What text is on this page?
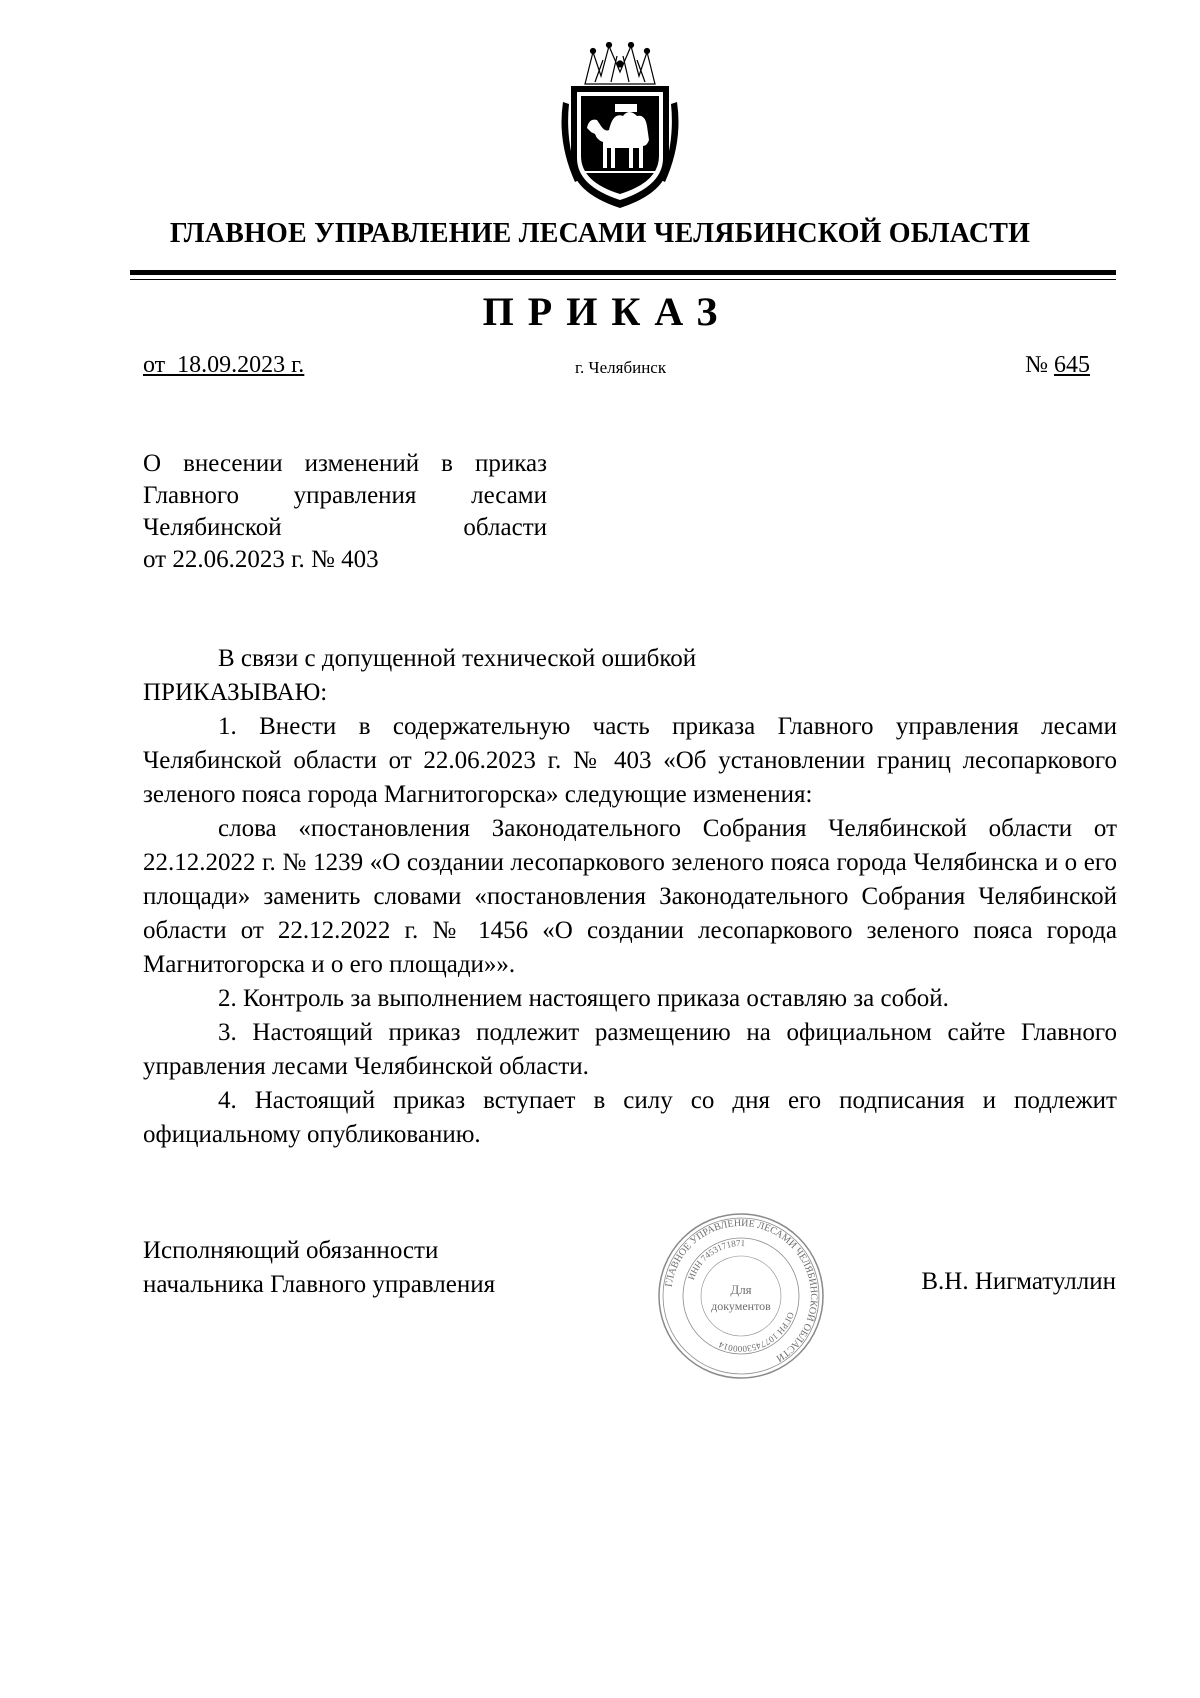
ГЛАВНОЕ УПРАВЛЕНИЕ ЛЕСАМИ ЧЕЛЯБИНСКОЙ ОБЛАСТИ
ПРИКАЗ
от  18.09.2023 г.	г. Челябинск	№ 645
О внесении изменений в приказ
Главного управления лесами
Челябинской области
от 22.06.2023 г. № 403

В связи с допущенной технической ошибкой

ПРИКАЗЫВАЮ:

1. Внести в содержательную часть приказа Главного управления лесами Челябинской области от 22.06.2023 г. № 403 «Об установлении границ лесопаркового зеленого пояса города Магнитогорска» следующие изменения:

слова «постановления Законодательного Собрания Челябинской области от 22.12.2022 г. № 1239 «О создании лесопаркового зеленого пояса города Челябинска и о его площади» заменить словами «постановления Законодательного Собрания Челябинской области от 22.12.2022 г. № 1456 «О создании лесопаркового зеленого пояса города Магнитогорска и о его площади»».

2. Контроль за выполнением настоящего приказа оставляю за собой.

3. Настоящий приказ подлежит размещению на официальном сайте Главного управления лесами Челябинской области.

4. Настоящий приказ вступает в силу со дня его подписания и подлежит официальному опубликованию.

Исполняющий обязанности
начальника Главного управления	В.Н. Нигматуллин
ГЛАВНОЕ УПРАВЛЕНИЕ ЛЕСАМИ ЧЕЛЯБИНСКОЙ ОБЛАСТИ
ИНН 7453171871
ОГРН 1077453000014
Для
документов
